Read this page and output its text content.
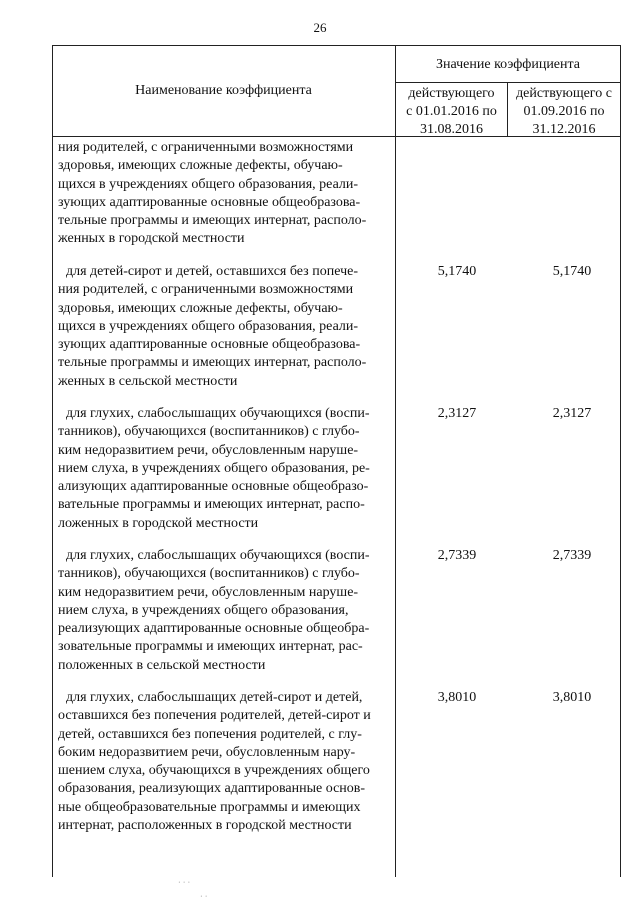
26
Наименование коэффициента
Значение коэффициента
действующего
с 01.01.2016 по
31.08.2016
действующего с
01.09.2016 по
31.12.2016
ния родителей, с ограниченными возможностями
здоровья, имеющих сложные дефекты, обучаю-
щихся в учреждениях общего образования, реали-
зующих адаптированные основные общеобразова-
тельные программы и имеющих интернат, располо-
женных в городской местности
для детей-сирот и детей, оставшихся без попече-
ния родителей, с ограниченными возможностями
здоровья, имеющих сложные дефекты, обучаю-
щихся в учреждениях общего образования, реали-
зующих адаптированные основные общеобразова-
тельные программы и имеющих интернат, располо-
женных в сельской местности
5,1740	5,1740
для глухих, слабослышащих обучающихся (воспи-
танников), обучающихся (воспитанников) с глубо-
ким недоразвитием речи, обусловленным наруше-
нием слуха, в учреждениях общего образования, ре-
ализующих адаптированные основные общеобразо-
вательные программы и имеющих интернат, распо-
ложенных в городской местности
2,3127	2,3127
для глухих, слабослышащих обучающихся (воспи-
танников), обучающихся (воспитанников) с глубо-
ким недоразвитием речи, обусловленным наруше-
нием слуха, в учреждениях общего образования,
реализующих адаптированные основные общеобра-
зовательные программы и имеющих интернат, рас-
положенных в сельской местности
2,7339	2,7339
для глухих, слабослышащих детей-сирот и детей,
оставшихся без попечения родителей, детей-сирот и
детей, оставшихся без попечения родителей, с глу-
боким недоразвитием речи, обусловленным нару-
шением слуха, обучающихся в учреждениях общего
образования, реализующих адаптированные основ-
ные общеобразовательные программы и имеющих
интернат, расположенных в городской местности
3,8010	3,8010
⋅ ⋅ ⋅
⋅ ⋅
